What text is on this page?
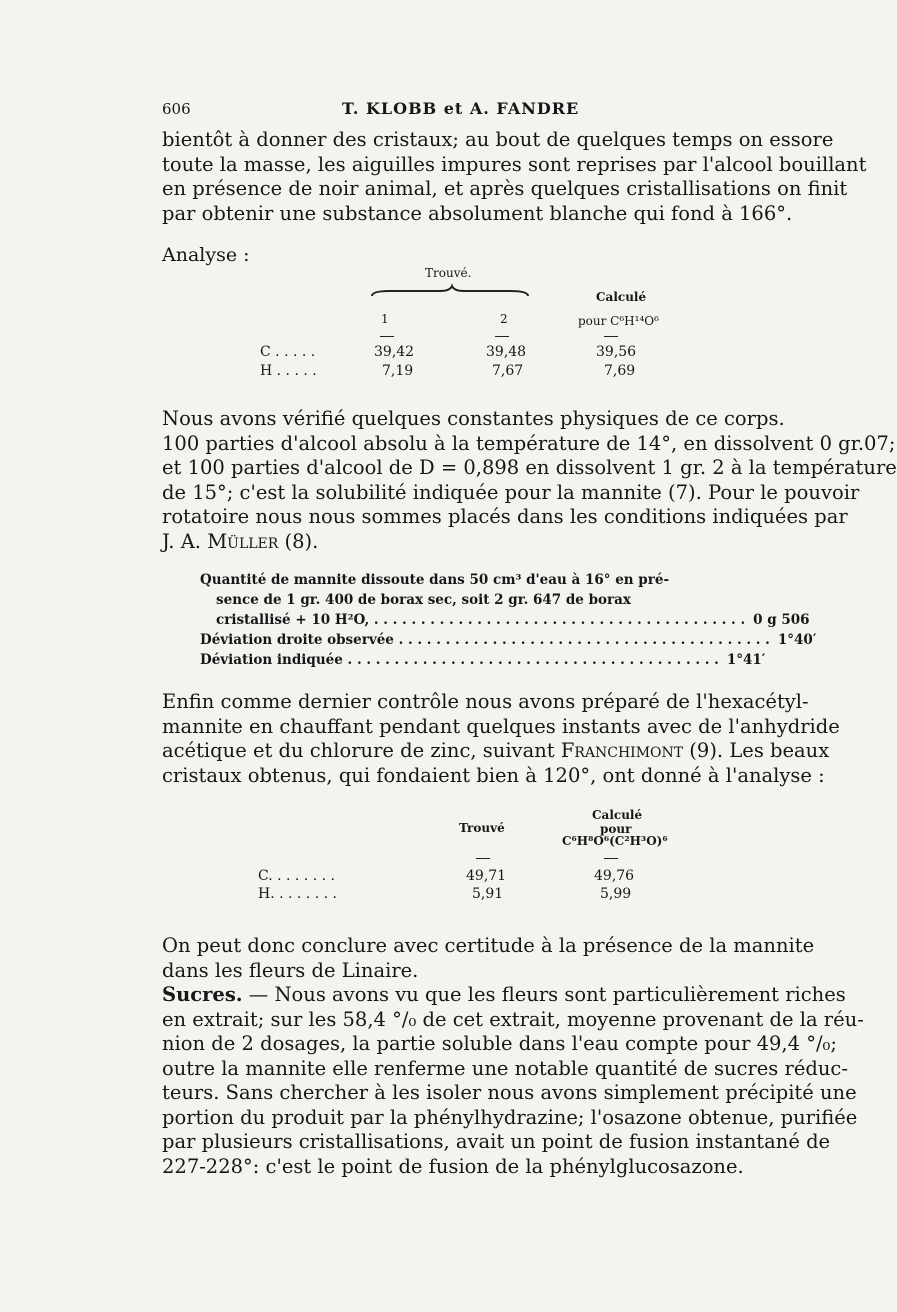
606	T. KLOBB et A. FANDRE
bientôt à donner des cristaux; au bout de quelques temps on essore
toute la masse, les aiguilles impures sont reprises par l'alcool bouillant
en présence de noir animal, et après quelques cristallisations on finit
par obtenir une substance absolument blanche qui fond à 166°.
Analyse :
Trouvé.
Calculé
1	2	pour C⁶H¹⁴O⁶
C . . . . .	39,42	39,48	39,56
H . . . . .	7,19	7,67	7,69
Nous avons vérifié quelques constantes physiques de ce corps.
100 parties d'alcool absolu à la température de 14°, en dissolvent 0 gr.07;
et 100 parties d'alcool de D = 0,898 en dissolvent 1 gr. 2 à la température
de 15°; c'est la solubilité indiquée pour la mannite (7). Pour le pouvoir
rotatoire nous nous sommes placés dans les conditions indiquées par
J. A. Müller (8).
Quantité de mannite dissoute dans 50 cm³ d'eau à 16° en pré-
sence de 1 gr. 400 de borax sec, soit 2 gr. 647 de borax
cristallisé + 10 H²O, . . .	0 g 506
Déviation droite observée . . .	1°40′
Déviation indiquée . . .	1°41′
Enfin comme dernier contrôle nous avons préparé de l'hexacétyl-
mannite en chauffant pendant quelques instants avec de l'anhydride
acétique et du chlorure de zinc, suivant Franchimont (9). Les beaux
cristaux obtenus, qui fondaient bien à 120°, ont donné à l'analyse :
Calculé
Trouvé	pour
C⁶H⁸O⁶(C²H³O)⁶
C. . . . . . . .	49,71	49,76
H. . . . . . . .	5,91	5,99
On peut donc conclure avec certitude à la présence de la mannite
dans les fleurs de Linaire.
Sucres. — Nous avons vu que les fleurs sont particulièrement riches
en extrait; sur les 58,4 °/₀ de cet extrait, moyenne provenant de la réu-
nion de 2 dosages, la partie soluble dans l'eau compte pour 49,4 °/₀;
outre la mannite elle renferme une notable quantité de sucres réduc-
teurs. Sans chercher à les isoler nous avons simplement précipité une
portion du produit par la phénylhydrazine; l'osazone obtenue, purifiée
par plusieurs cristallisations, avait un point de fusion instantané de
227-228°: c'est le point de fusion de la phénylglucosazone.
